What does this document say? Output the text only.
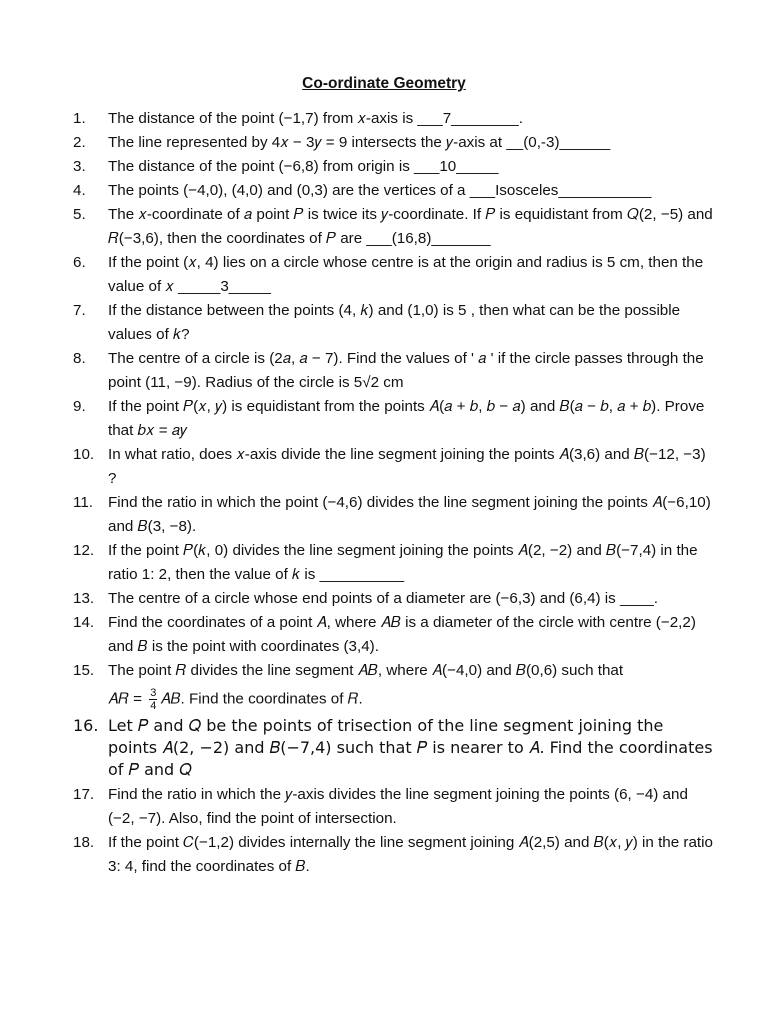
Co-ordinate Geometry
1. The distance of the point (−1,7) from 𝑥-axis is ___7________.
2. The line represented by 4𝑥 − 3𝑦 = 9 intersects the 𝑦-axis at __(0,-3)______
3. The distance of the point (−6,8) from origin is ___10_____
4. The points (−4,0), (4,0) and (0,3) are the vertices of a ___Isosceles___________
5. The 𝑥-coordinate of 𝑎 point 𝑃 is twice its 𝑦-coordinate. If 𝑃 is equidistant from 𝑄(2, −5) and 𝑅(−3,6), then the coordinates of 𝑃 are ___(16,8)_______
6. If the point (𝑥, 4) lies on a circle whose centre is at the origin and radius is 5 cm, then the value of 𝑥 _____3_____
7. If the distance between the points (4, 𝑘) and (1,0) is 5 , then what can be the possible values of 𝑘?
8. The centre of a circle is (2𝑎, 𝑎 − 7). Find the values of ' 𝑎 ' if the circle passes through the point (11, −9). Radius of the circle is 5√2 cm
9. If the point 𝑃(𝑥, 𝑦) is equidistant from the points 𝐴(𝑎 + 𝑏, 𝑏 − 𝑎) and 𝐵(𝑎 − 𝑏, 𝑎 + 𝑏). Prove that 𝑏𝑥 = 𝑎𝑦
10. In what ratio, does 𝑥-axis divide the line segment joining the points 𝐴(3,6) and 𝐵(−12, −3) ?
11. Find the ratio in which the point (−4,6) divides the line segment joining the points 𝐴(−6,10) and 𝐵(3, −8).
12. If the point 𝑃(𝑘, 0) divides the line segment joining the points 𝐴(2, −2) and 𝐵(−7,4) in the ratio 1: 2, then the value of 𝑘 is __________
13. The centre of a circle whose end points of a diameter are (−6,3) and (6,4) is ____.
14. Find the coordinates of a point 𝐴, where 𝐴𝐵 is a diameter of the circle with centre (−2,2) and 𝐵 is the point with coordinates (3,4).
15. The point 𝑅 divides the line segment 𝐴𝐵, where 𝐴(−4,0) and 𝐵(0,6) such that
𝐴𝑅 = $\frac{3}{4}$ 𝐴𝐵. Find the coordinates of 𝑅.
16. Let 𝑃 and 𝑄 be the points of trisection of the line segment joining the points 𝐴(2, −2) and 𝐵(−7,4) such that 𝑃 is nearer to 𝐴. Find the coordinates of 𝑃 and 𝑄
17. Find the ratio in which the 𝑦-axis divides the line segment joining the points (6, −4) and (−2, −7). Also, find the point of intersection.
18. If the point 𝐶(−1,2) divides internally the line segment joining 𝐴(2,5) and 𝐵(𝑥, 𝑦) in the ratio 3: 4, find the coordinates of 𝐵.
